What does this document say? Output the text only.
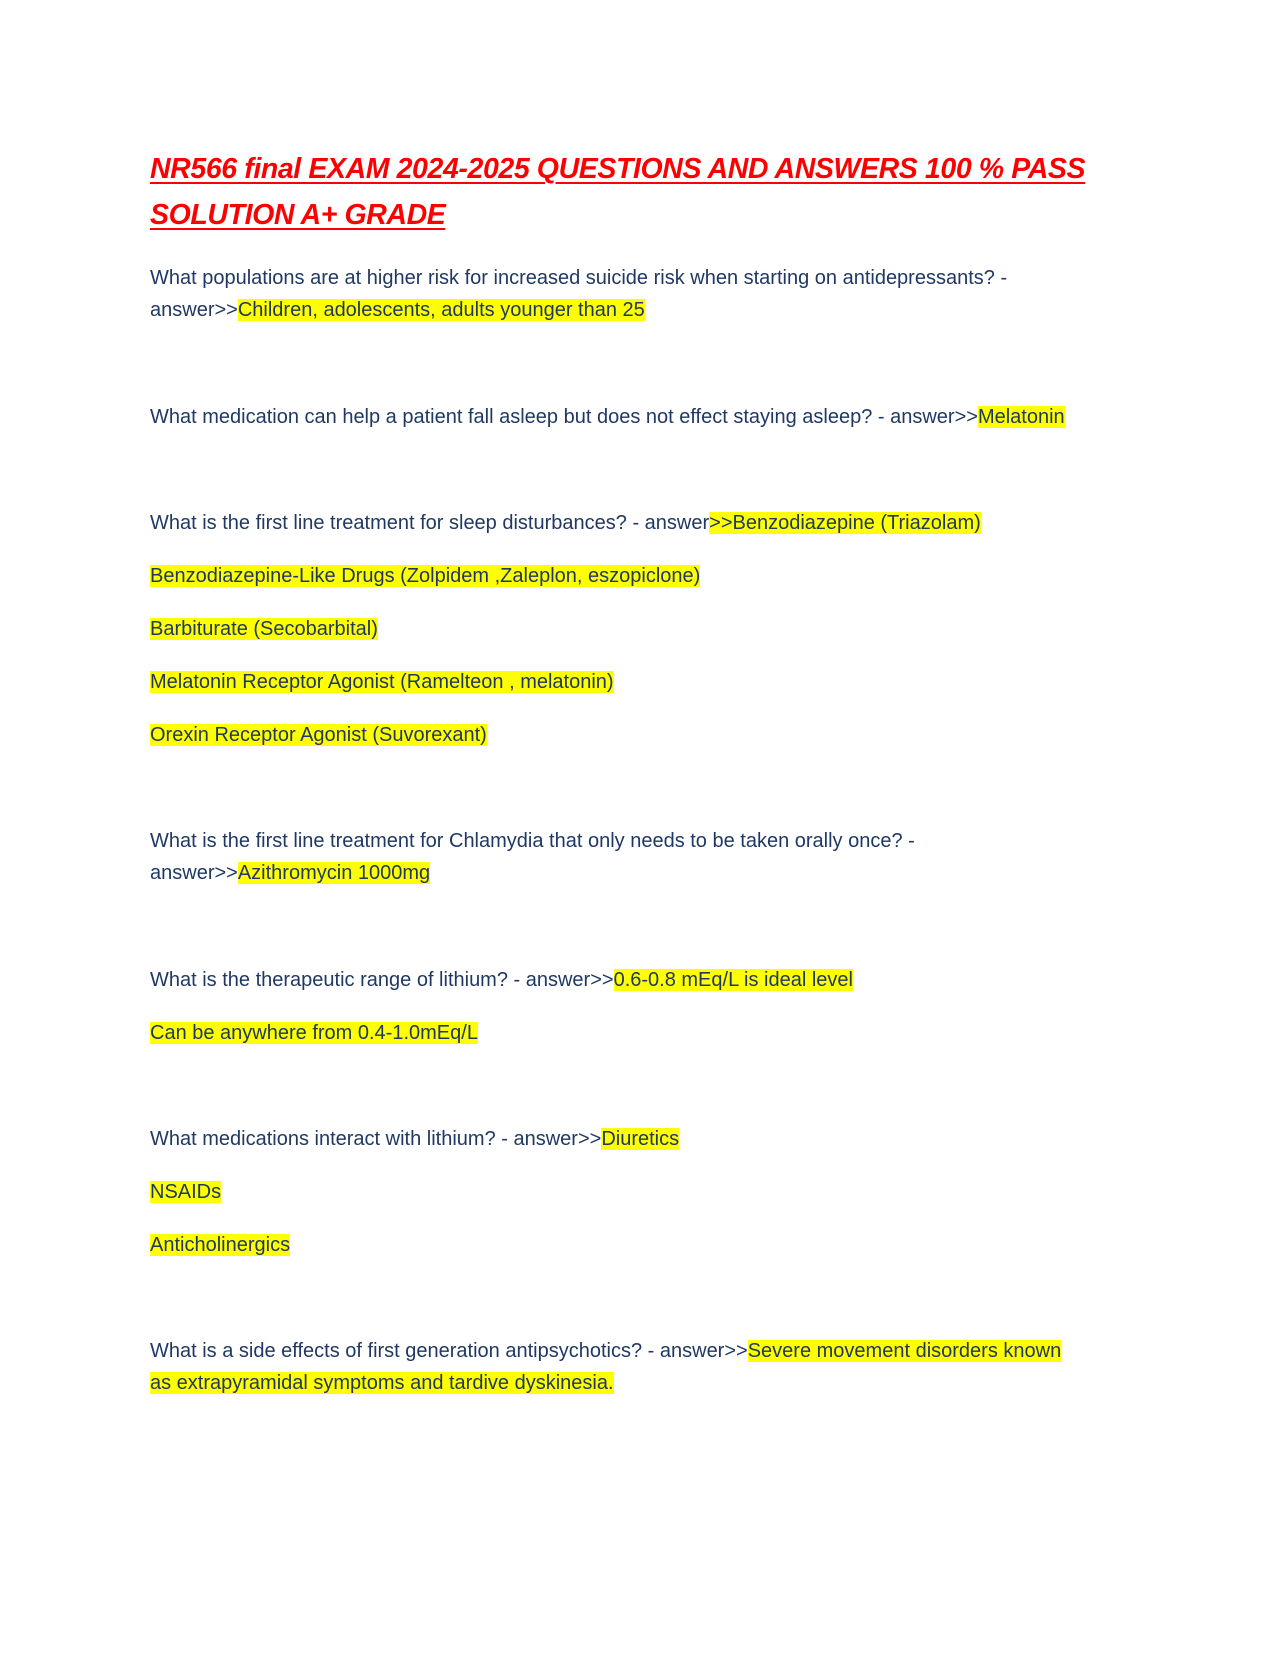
NR566 final EXAM 2024-2025 QUESTIONS AND ANSWERS 100 % PASS SOLUTION A+ GRADE

What populations are at higher risk for increased suicide risk when starting on antidepressants? -

answer>>Children, adolescents, adults younger than 25

What medication can help a patient fall asleep but does not effect staying asleep? - answer>>Melatonin

What is the first line treatment for sleep disturbances? - answer>>Benzodiazepine (Triazolam)

Benzodiazepine-Like Drugs (Zolpidem ,Zaleplon, eszopiclone)

Barbiturate (Secobarbital)

Melatonin Receptor Agonist (Ramelteon , melatonin)

Orexin Receptor Agonist (Suvorexant)

What is the first line treatment for Chlamydia that only needs to be taken orally once? -

answer>>Azithromycin 1000mg

What is the therapeutic range of lithium? - answer>>0.6-0.8 mEq/L is ideal level

Can be anywhere from 0.4-1.0mEq/L

What medications interact with lithium? - answer>>Diuretics

NSAIDs

Anticholinergics

What is a side effects of first generation antipsychotics? - answer>>Severe movement disorders known

as extrapyramidal symptoms and tardive dyskinesia.
